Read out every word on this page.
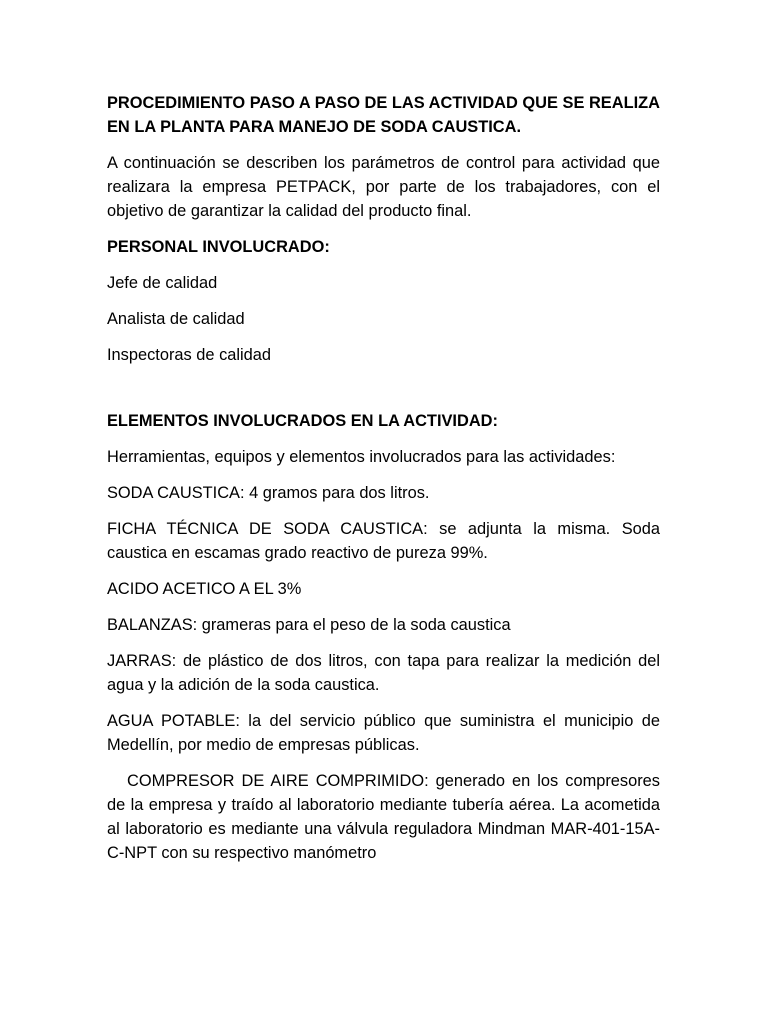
PROCEDIMIENTO PASO A PASO DE LAS ACTIVIDAD QUE SE REALIZA EN LA PLANTA PARA MANEJO DE SODA CAUSTICA.

A continuación se describen los parámetros de control para actividad que realizara la empresa PETPACK, por parte de los trabajadores, con el objetivo de garantizar la calidad del producto final.

PERSONAL INVOLUCRADO:

Jefe de calidad

Analista de calidad

Inspectoras de calidad

ELEMENTOS INVOLUCRADOS EN LA ACTIVIDAD:

Herramientas, equipos y elementos involucrados para las actividades:

SODA CAUSTICA: 4 gramos para dos litros.

FICHA TÉCNICA DE SODA CAUSTICA: se adjunta la misma. Soda caustica en escamas grado reactivo de pureza 99%.

ACIDO ACETICO A EL 3%

BALANZAS: grameras para el peso de la soda caustica

JARRAS: de plástico de dos litros, con tapa para realizar la medición del agua y la adición de la soda caustica.

AGUA POTABLE: la del servicio público que suministra el municipio de Medellín, por medio de empresas públicas.

COMPRESOR DE AIRE COMPRIMIDO: generado en los compresores de la empresa y traído al laboratorio mediante tubería aérea. La acometida al laboratorio es mediante una válvula reguladora Mindman MAR-401-15A-C-NPT con su respectivo manómetro
